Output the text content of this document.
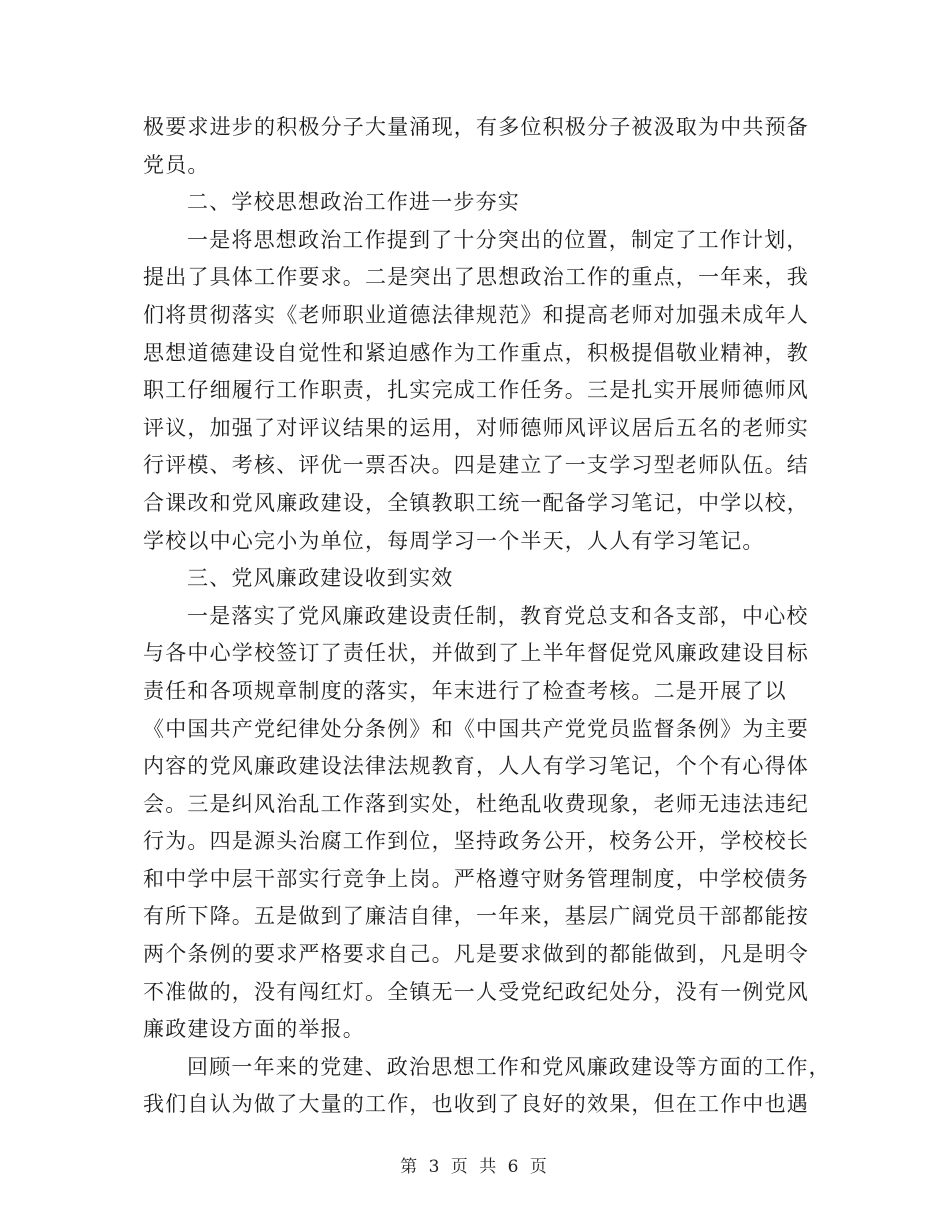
极要求进步的积极分子大量涌现，有多位积极分子被汲取为中共预备
党员。
二、学校思想政治工作进一步夯实
一是将思想政治工作提到了十分突出的位置，制定了工作计划，
提出了具体工作要求。二是突出了思想政治工作的重点，一年来，我
们将贯彻落实《老师职业道德法律规范》和提高老师对加强未成年人
思想道德建设自觉性和紧迫感作为工作重点，积极提倡敬业精神，教
职工仔细履行工作职责，扎实完成工作任务。三是扎实开展师德师风
评议，加强了对评议结果的运用，对师德师风评议居后五名的老师实
行评模、考核、评优一票否决。四是建立了一支学习型老师队伍。结
合课改和党风廉政建设，全镇教职工统一配备学习笔记，中学以校，
学校以中心完小为单位，每周学习一个半天，人人有学习笔记。
三、党风廉政建设收到实效
一是落实了党风廉政建设责任制，教育党总支和各支部，中心校
与各中心学校签订了责任状，并做到了上半年督促党风廉政建设目标
责任和各项规章制度的落实，年末进行了检查考核。二是开展了以
《中国共产党纪律处分条例》和《中国共产党党员监督条例》为主要
内容的党风廉政建设法律法规教育，人人有学习笔记，个个有心得体
会。三是纠风治乱工作落到实处，杜绝乱收费现象，老师无违法违纪
行为。四是源头治腐工作到位，坚持政务公开，校务公开，学校校长
和中学中层干部实行竞争上岗。严格遵守财务管理制度，中学校债务
有所下降。五是做到了廉洁自律，一年来，基层广阔党员干部都能按
两个条例的要求严格要求自己。凡是要求做到的都能做到，凡是明令
不准做的，没有闯红灯。全镇无一人受党纪政纪处分，没有一例党风
廉政建设方面的举报。
回顾一年来的党建、政治思想工作和党风廉政建设等方面的工作，
我们自认为做了大量的工作，也收到了良好的效果，但在工作中也遇
第 3 页 共 6 页
